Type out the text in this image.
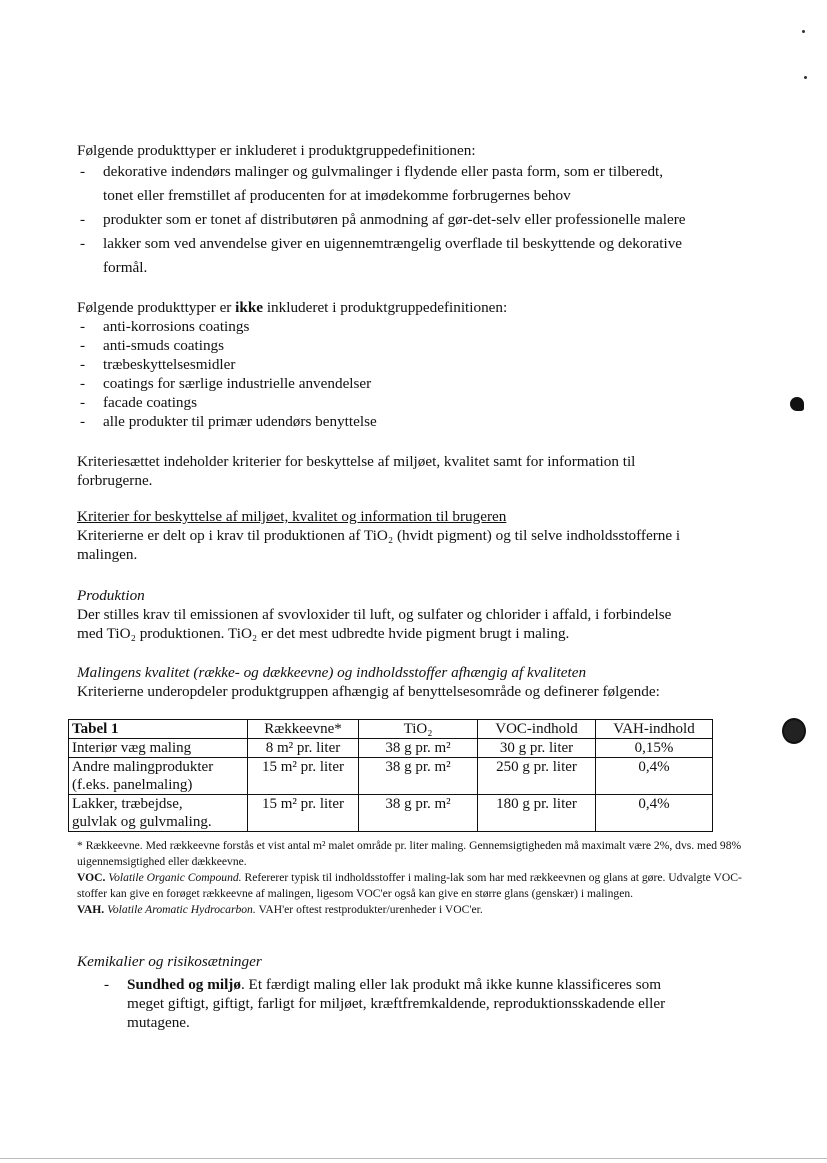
Følgende produkttyper er inkluderet i produktgruppedefinitionen:
- dekorative indendørs malinger og gulvmalinger i flydende eller pasta form, som er tilberedt,
tonet eller fremstillet af producenten for at imødekomme forbrugernes behov
- produkter som er tonet af distributøren på anmodning af gør-det-selv eller professionelle malere
- lakker som ved anvendelse giver en uigennemtrængelig overflade til beskyttende og dekorative
formål.
Følgende produkttyper er ikke inkluderet i produktgruppedefinitionen:
- anti-korrosions coatings
- anti-smuds coatings
- træbeskyttelsesmidler
- coatings for særlige industrielle anvendelser
- facade coatings
- alle produkter til primær udendørs benyttelse
Kriteriesættet indeholder kriterier for beskyttelse af miljøet, kvalitet samt for information til
forbrugerne.
Kriterier for beskyttelse af miljøet, kvalitet og information til brugeren
Kriterierne er delt op i krav til produktionen af TiO₂ (hvidt pigment) og til selve indholdsstofferne i
malingen.
Produktion
Der stilles krav til emissionen af svovloxider til luft, og sulfater og chlorider i affald, i forbindelse
med TiO₂ produktionen. TiO₂ er det mest udbredte hvide pigment brugt i maling.
Malingens kvalitet (række- og dækkeevne) og indholdsstoffer afhængig af kvaliteten
Kriterierne underopdeler produktgruppen afhængig af benyttelsesområde og definerer følgende:
Tabel 1	Rækkeevne*	TiO₂	VOC-indhold	VAH-indhold
Interiør væg maling	8 m² pr. liter	38 g pr. m²	30 g pr. liter	0,15%

Andre malingprodukter
(f.eks. panelmaling)	15 m² pr. liter	38 g pr. m²	250 g pr. liter	0,4%

Lakker, træbejdse,
gulvlak og gulvmaling.	15 m² pr. liter	38 g pr. m²	180 g pr. liter	0,4%

* Rækkeevne. Med rækkeevne forstås et vist antal m² malet område pr. liter maling. Gennemsigtigheden må maximalt være 2%, dvs. med 98% uigennemsigtighed eller dækkeevne.

VOC. Volatile Organic Compound. Refererer typisk til indholdsstoffer i maling-lak som har med rækkeevnen og glans at gøre. Udvalgte VOC-stoffer kan give en forøget rækkeevne af malingen, ligesom VOC'er også kan give en større glans (genskær) i malingen.

VAH. Volatile Aromatic Hydrocarbon. VAH'er oftest restprodukter/urenheder i VOC'er.

Kemikalier og risikosætninger
- Sundhed og miljø. Et færdigt maling eller lak produkt må ikke kunne klassificeres som
meget giftigt, giftigt, farligt for miljøet, kræftfremkaldende, reproduktionsskadende eller
mutagene.
